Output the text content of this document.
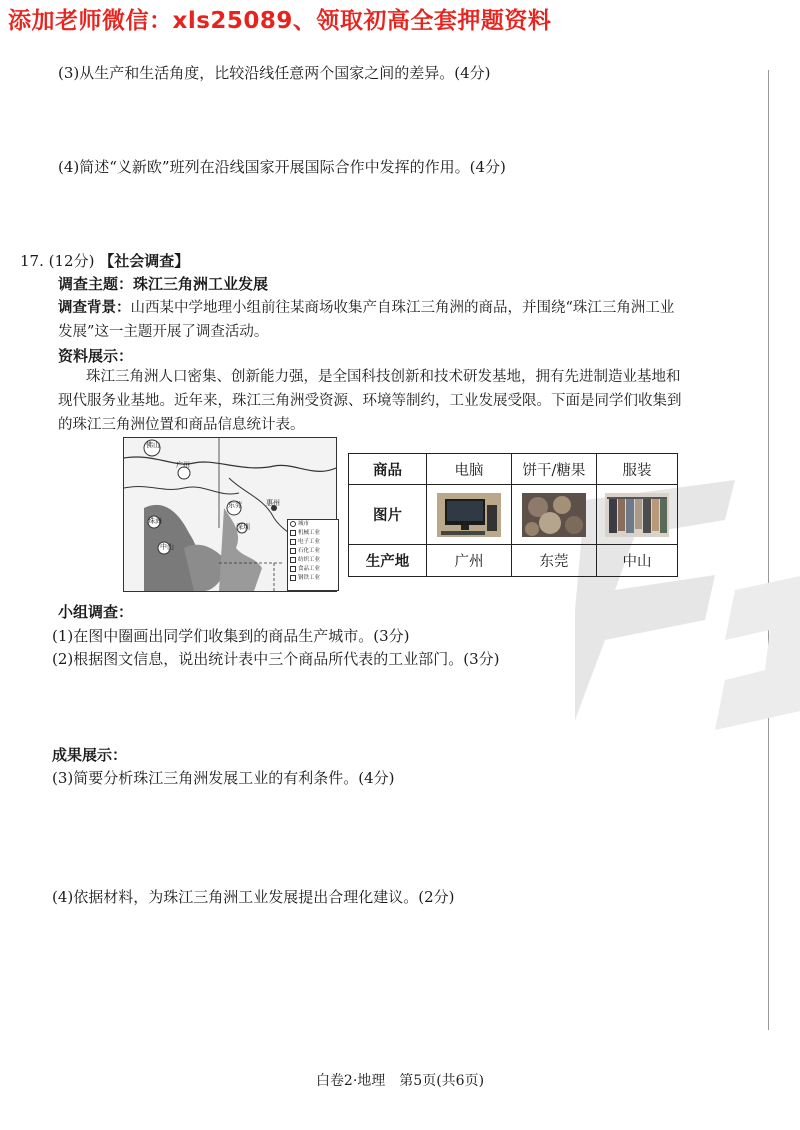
添加老师微信：xls25089、领取初高全套押题资料
(3)从生产和生活角度，比较沿线任意两个国家之间的差异。(4分)
(4)简述“义新欧”班列在沿线国家开展国际合作中发挥的作用。(4分)
17. (12分) 【社会调查】
调查主题：珠江三角洲工业发展
调查背景：山西某中学地理小组前往某商场收集产自珠江三角洲的商品，并围绕“珠江三角洲工业
发展”这一主题开展了调查活动。
资料展示：
珠江三角洲人口密集、创新能力强，是全国科技创新和技术研发基地，拥有先进制造业基地和
现代服务业基地。近年来，珠江三角洲受资源、环境等制约，工业发展受限。下面是同学们收集到
的珠江三角洲位置和商品信息统计表。
广州
东莞
佛山
中山
珠海
深圳
惠州
城市
机械工业
电子工业
石化工业
纺织工业
食品工业
钢铁工业
商品	电脑	饼干/糖果	服装
图片	

生产地	广州	东莞	中山
小组调查：
(1)在图中圈画出同学们收集到的商品生产城市。(3分)
(2)根据图文信息，说出统计表中三个商品所代表的工业部门。(3分)
成果展示：
(3)简要分析珠江三角洲发展工业的有利条件。(4分)
(4)依据材料，为珠江三角洲工业发展提出合理化建议。(2分)
白卷2·地理　第5页(共6页)
